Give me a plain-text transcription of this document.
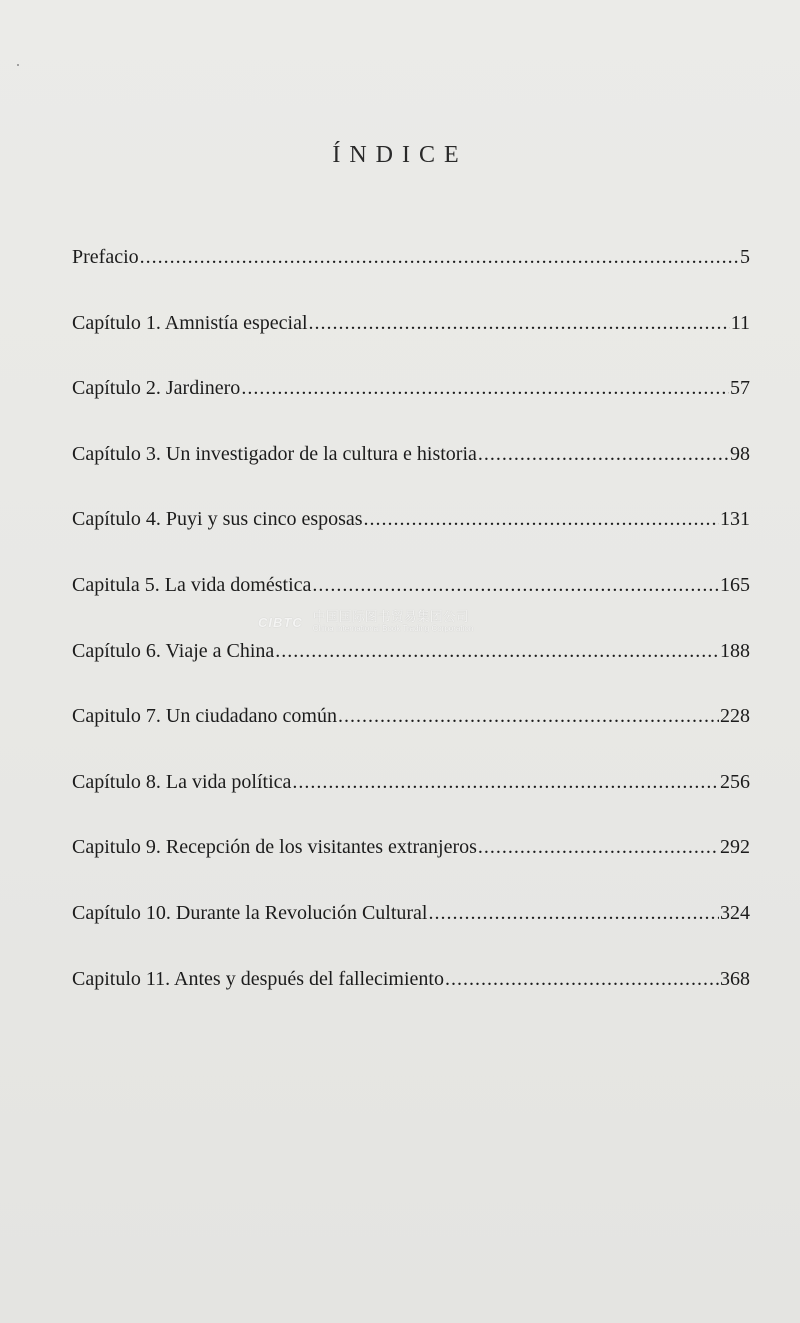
ÍNDICE
Prefacio .....	5
Capítulo 1. Amnistía especial .....	11
Capítulo 2. Jardinero .....	57
Capítulo 3. Un investigador de la cultura e historia .....	98
Capítulo 4. Puyi y sus cinco esposas .....	131
Capitula 5. La vida doméstica .....	165
Capítulo 6. Viaje a China .....	188
Capitulo 7. Un ciudadano común .....	228
Capítulo 8. La vida política .....	256
Capitulo 9. Recepción de los visitantes extranjeros .....	292
Capítulo 10. Durante la Revolución Cultural .....	324
Capitulo 11. Antes y después del fallecimiento .....	368
CIBTC 中国国际图书贸易集团公司
China International Book Trading Corporation
